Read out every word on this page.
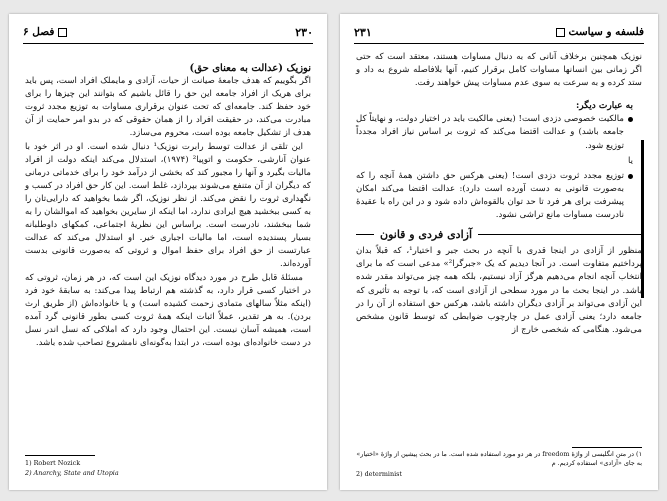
۲۳۰
فصل ۶

نوزیک (عدالت به معنای حق)

اگر بگوییم که هدف جامعهٔ صیانت از حیات، آزادی و مایملک افراد است، پس باید برای هریک از افراد جامعه این حق را قائل باشیم که بتوانند این چیزها را برای خود حفظ کند. جامعه‌ای که تحت عنوان برقراری مساوات به توزیع مجدد ثروت مبادرت می‌کند، در حقیقت افراد را از همان حقوقی که در بدو امر حمایت از آن هدف از تشکیل جامعه بوده است، محروم می‌سازد.

این تلقی از عدالت توسط رابرت نوزیک¹ دنبال شده است. او در اثر خود با عنوان آنارشی، حکومت و اتوپیا² (۱۹۷۴)، استدلال می‌کند اینکه دولت از افراد مالیات بگیرد و آنها را مجبور کند که بخشی از درآمد خود را برای خدماتی درمانی که دیگران از آن متنفع می‌شوند بپردازد، غلط است. این کار حق افراد در کسب و نگهداری ثروت را نقض می‌کند. از نظر نوزیک، اگر شما بخواهید که دارایی‌تان را به کسی ببخشید هیچ ایرادی ندارد، اما اینکه از سایرین بخواهید که اموالشان را به شما ببخشند، نادرست است. براساس این نظریهٔ اجتماعی، کمکهای داوطلبانه بسیار پسندیده است، اما مالیات اجباری خیر. او استدلال می‌کند که عدالت عبارتست از حق افراد برای حفظ اموال و ثروتی که به‌صورت قانونی بدست آورده‌اند.

مسئلهٔ قابل طرح در مورد دیدگاه نوزیک این است که، در هر زمان، ثروتی که در اختیار کسی قرار دارد، به گذشته هم ارتباط پیدا می‌کند: به سابقهٔ خود فرد (اینکه مثلاً سالهای متمادی زحمت کشیده است) و یا خانواده‌اش (از طریق ارث بردن). به هر تقدیر، عملاً اثبات اینکه همهٔ ثروت کسی بطور قانونی گرد آمده است، همیشه آسان نیست. این احتمال وجود دارد که املاکی که نسل اندر نسل در دست خانواده‌ای بوده است، در ابتدا به‌گونه‌ای نامشروع تصاحب شده باشد.

1) Robert Nozick
2) Anarchy, State and Utopia
فلسفه و سیاست
۲۳۱

نوزیک همچنین برخلاف آنانی که به دنبال مساوات هستند، معتقد است که حتی اگر زمانی بین انسانها مساوات کامل برقرار کنیم، آنها بلافاصله شروع به داد و ستد کرده و به سرعت به سوی عدم مساوات پیش خواهند رفت.

به عبارت دیگر:

مالکیت خصوصی دزدی است! (یعنی مالکیت باید در اختیار دولت، و نهایتاً کل جامعه باشد) و عدالت اقتضا می‌کند که ثروت بر اساس نیاز افراد مجدداً توزیع شود.

یا

توزیع مجدد ثروت دزدی است! (یعنی هرکس حق داشتن همهٔ آنچه را که به‌صورت قانونی به دست آورده است دارد): عدالت اقتضا می‌کند امکان پیشرفت برای هر فرد تا حد توان بالقوه‌اش داده شود و در این راه با عقیدهٔ نادرست مساوات مانع تراشی نشود.

آزادی فردی و قانون

منظور از آزادی در اینجا قدری با آنچه در بحث جبر و اختیار¹، که قبلاً بدان پرداختیم متفاوت است. در آنجا دیدیم که یک «جبرگرا²» مدعی است که ما برای انتخاب آنچه انجام می‌دهیم هرگز آزاد نیستیم، بلکه همه چیز می‌تواند مقدر شده باشد. در اینجا بحث ما در مورد سطحی از آزادی است که، با توجه به تأثیری که این آزادی می‌تواند بر آزادی دیگران داشته باشد، هرکس حق استفاده از آن را در جامعه دارد؛ یعنی آزادی عمل در چارچوب ضوابطی که توسط قانون مشخص می‌شود. هنگامی که شخصی خارج از

۱) در متن انگلیسی از واژهٔ freedom در هر دو مورد استفاده شده است. ما در بحث پیشین از واژهٔ «اختیار» به جای «آزادی» استفاده کردیم. م
2) determinist
